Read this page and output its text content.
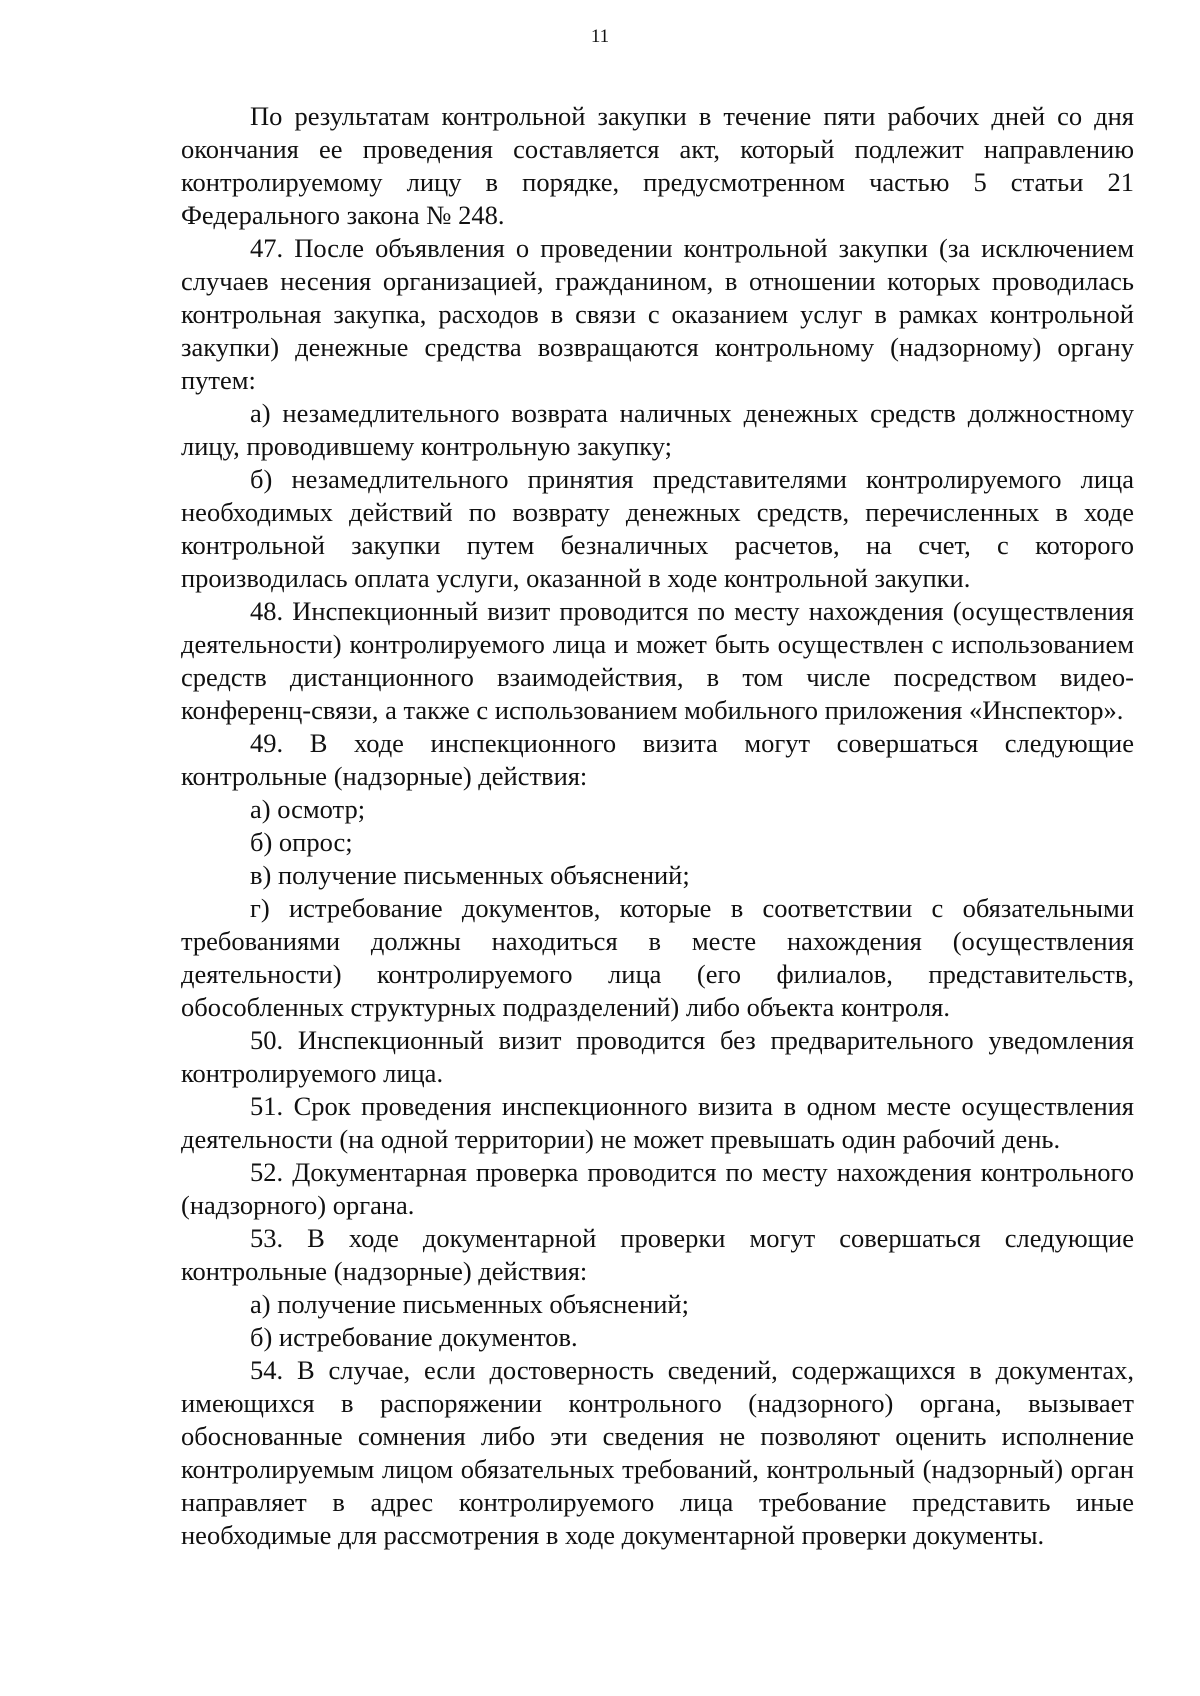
11

По результатам контрольной закупки в течение пяти рабочих дней со дня окончания ее проведения составляется акт, который подлежит направлению контролируемому лицу в порядке, предусмотренном частью 5 статьи 21 Федерального закона № 248.

47. После объявления о проведении контрольной закупки (за исключением случаев несения организацией, гражданином, в отношении которых проводилась контрольная закупка, расходов в связи с оказанием услуг в рамках контрольной закупки) денежные средства возвращаются контрольному (надзорному) органу путем:

а) незамедлительного возврата наличных денежных средств должностному лицу, проводившему контрольную закупку;

б) незамедлительного принятия представителями контролируемого лица необходимых действий по возврату денежных средств, перечисленных в ходе контрольной закупки путем безналичных расчетов, на счет, с которого производилась оплата услуги, оказанной в ходе контрольной закупки.

48. Инспекционный визит проводится по месту нахождения (осуществления деятельности) контролируемого лица и может быть осуществлен с использованием средств дистанционного взаимодействия, в том числе посредством видео-конференц-связи, а также с использованием мобильного приложения «Инспектор».

49. В ходе инспекционного визита могут совершаться следующие контрольные (надзорные) действия:

а) осмотр;

б) опрос;

в) получение письменных объяснений;

г) истребование документов, которые в соответствии с обязательными требованиями должны находиться в месте нахождения (осуществления деятельности) контролируемого лица (его филиалов, представительств, обособленных структурных подразделений) либо объекта контроля.

50. Инспекционный визит проводится без предварительного уведомления контролируемого лица.

51. Срок проведения инспекционного визита в одном месте осуществления деятельности (на одной территории) не может превышать один рабочий день.

52. Документарная проверка проводится по месту нахождения контрольного (надзорного) органа.

53. В ходе документарной проверки могут совершаться следующие контрольные (надзорные) действия:

а) получение письменных объяснений;

б) истребование документов.

54. В случае, если достоверность сведений, содержащихся в документах, имеющихся в распоряжении контрольного (надзорного) органа, вызывает обоснованные сомнения либо эти сведения не позволяют оценить исполнение контролируемым лицом обязательных требований, контрольный (надзорный) орган направляет в адрес контролируемого лица требование представить иные необходимые для рассмотрения в ходе документарной проверки документы.
